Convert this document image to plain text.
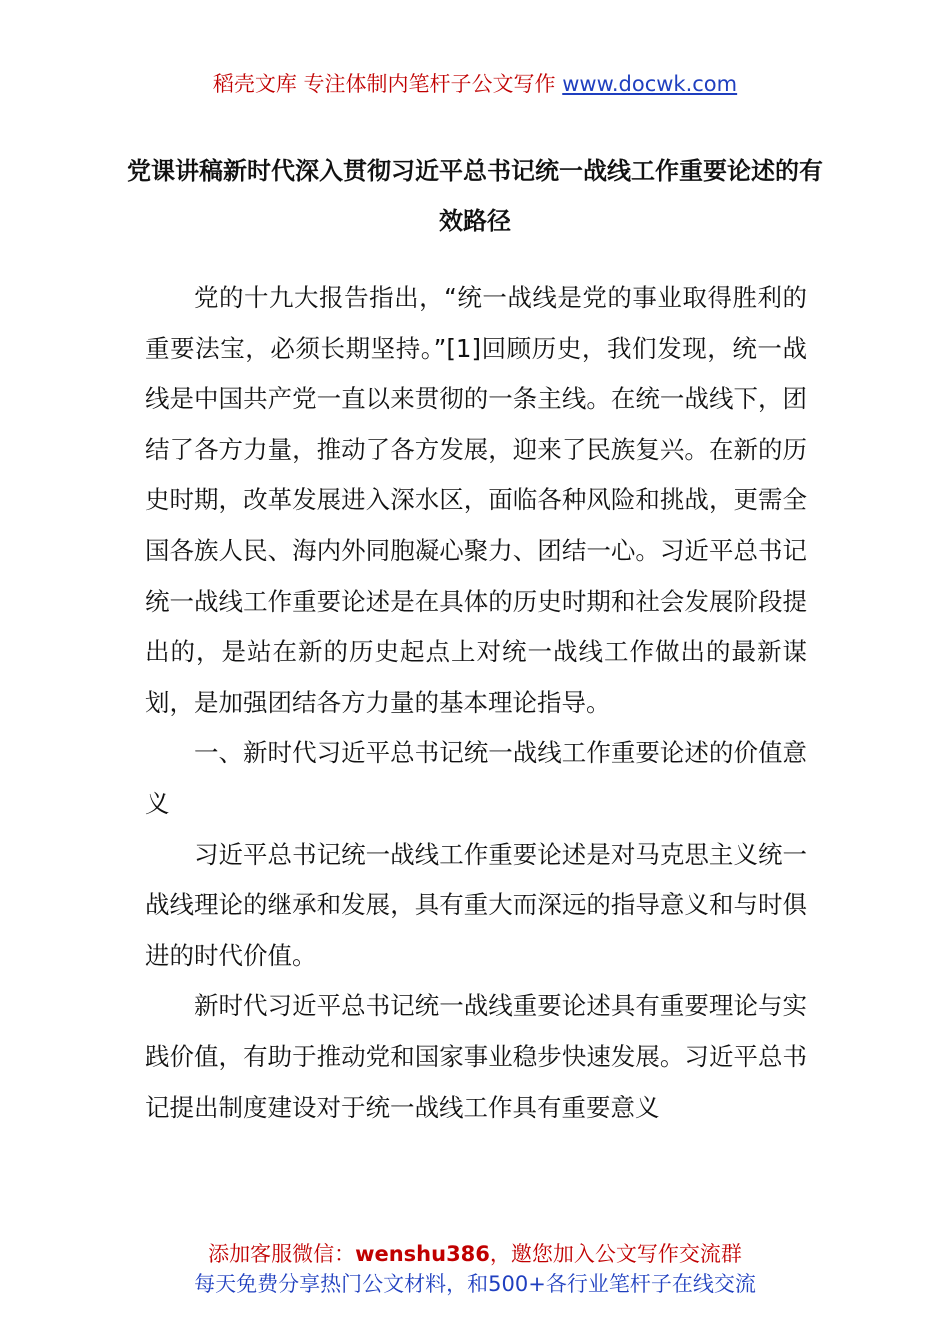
稻壳文库 专注体制内笔杆子公文写作 www.docwk.com
党课讲稿新时代深入贯彻习近平总书记统一战线工作重要论述的有效路径

党的十九大报告指出，“统一战线是党的事业取得胜利的重要法宝，必须长期坚持。”[1]回顾历史，我们发现，统一战线是中国共产党一直以来贯彻的一条主线。在统一战线下，团结了各方力量，推动了各方发展，迎来了民族复兴。在新的历史时期，改革发展进入深水区，面临各种风险和挑战，更需全国各族人民、海内外同胞凝心聚力、团结一心。习近平总书记统一战线工作重要论述是在具体的历史时期和社会发展阶段提出的，是站在新的历史起点上对统一战线工作做出的最新谋划，是加强团结各方力量的基本理论指导。

一、新时代习近平总书记统一战线工作重要论述的价值意义

习近平总书记统一战线工作重要论述是对马克思主义统一战线理论的继承和发展，具有重大而深远的指导意义和与时俱进的时代价值。

新时代习近平总书记统一战线重要论述具有重要理论与实践价值，有助于推动党和国家事业稳步快速发展。习近平总书记提出制度建设对于统一战线工作具有重要意义

添加客服微信：wenshu386，邀您加入公文写作交流群
每天免费分享热门公文材料，和500+各行业笔杆子在线交流
